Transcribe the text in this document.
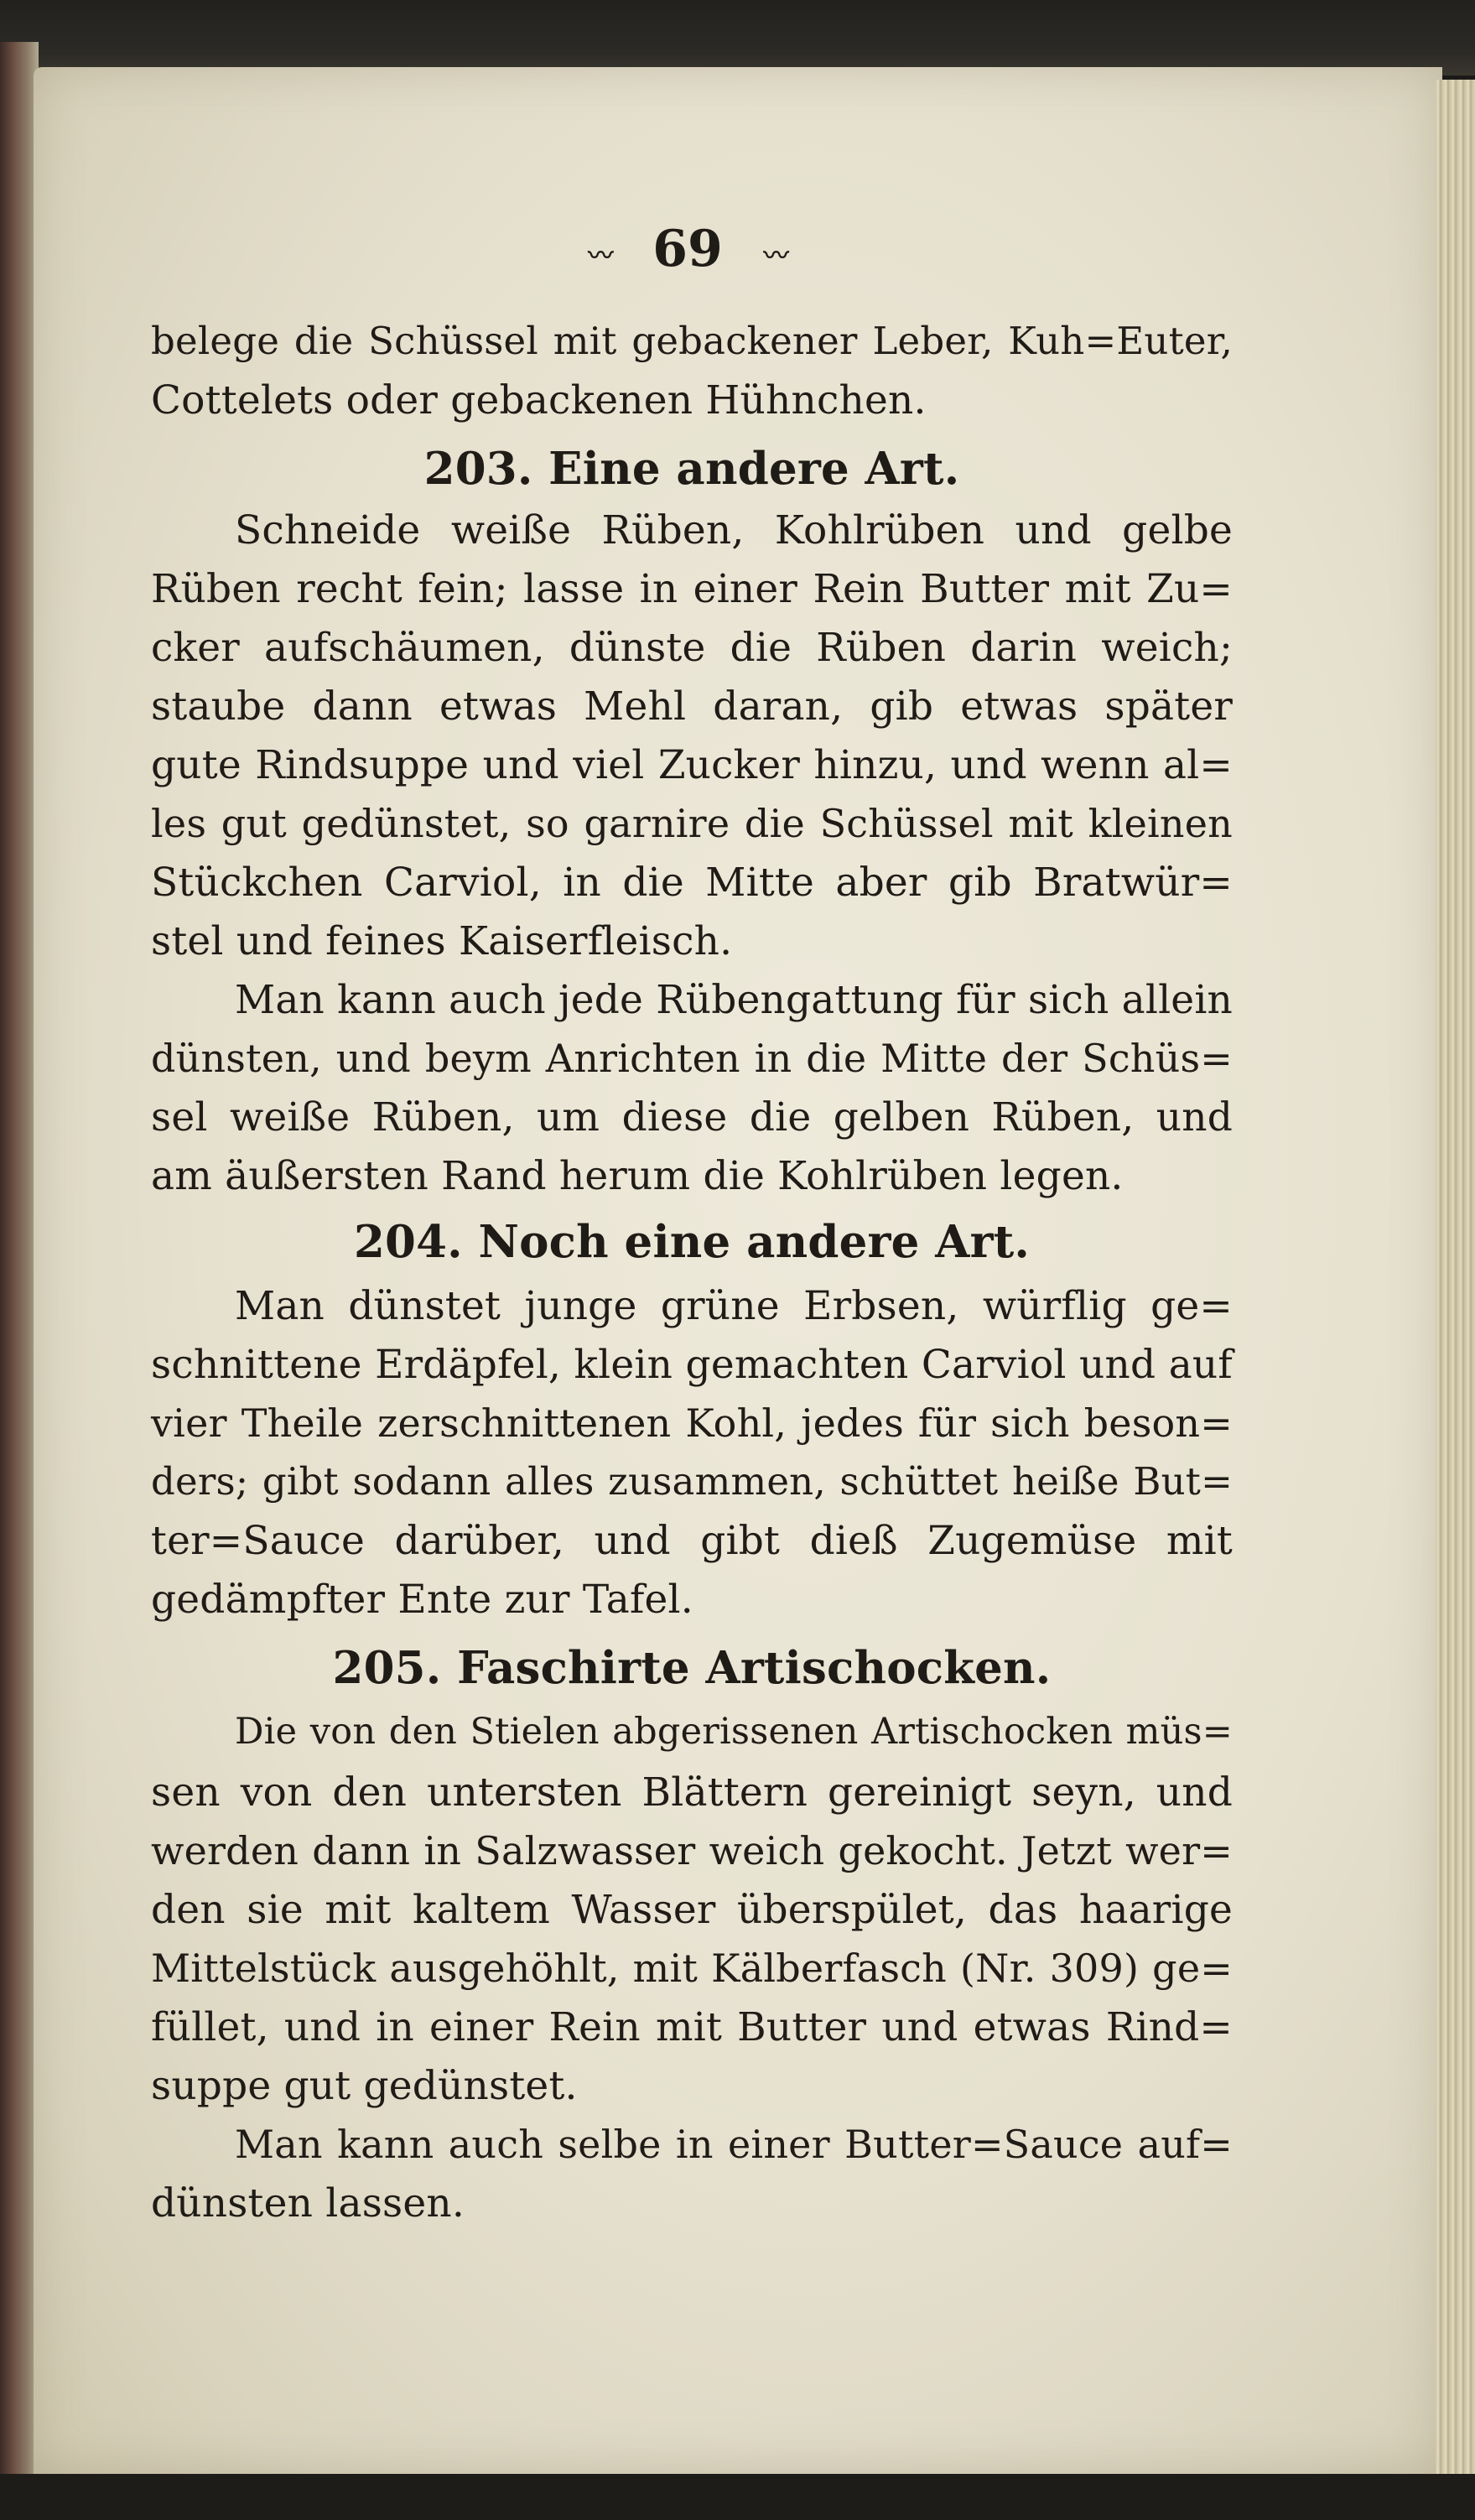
〰 69 〰
belege die Schüssel mit gebackener Leber, Kuh=Euter,
Cottelets oder gebackenen Hühnchen.
203. Eine andere Art.
Schneide weiße Rüben, Kohlrüben und gelbe
Rüben recht fein; lasse in einer Rein Butter mit Zu=
cker aufschäumen, dünste die Rüben darin weich;
staube dann etwas Mehl daran, gib etwas später
gute Rindsuppe und viel Zucker hinzu, und wenn al=
les gut gedünstet, so garnire die Schüssel mit kleinen
Stückchen Carviol, in die Mitte aber gib Bratwür=
stel und feines Kaiserfleisch.
Man kann auch jede Rübengattung für sich allein
dünsten, und beym Anrichten in die Mitte der Schüs=
sel weiße Rüben, um diese die gelben Rüben, und
am äußersten Rand herum die Kohlrüben legen.
204. Noch eine andere Art.
Man dünstet junge grüne Erbsen, würflig ge=
schnittene Erdäpfel, klein gemachten Carviol und auf
vier Theile zerschnittenen Kohl, jedes für sich beson=
ders; gibt sodann alles zusammen, schüttet heiße But=
ter=Sauce darüber, und gibt dieß Zugemüse mit
gedämpfter Ente zur Tafel.
205. Faschirte Artischocken.
Die von den Stielen abgerissenen Artischocken müs=
sen von den untersten Blättern gereinigt seyn, und
werden dann in Salzwasser weich gekocht. Jetzt wer=
den sie mit kaltem Wasser überspület, das haarige
Mittelstück ausgehöhlt, mit Kälberfasch (Nr. 309) ge=
füllet, und in einer Rein mit Butter und etwas Rind=
suppe gut gedünstet.
Man kann auch selbe in einer Butter=Sauce auf=
dünsten lassen.
